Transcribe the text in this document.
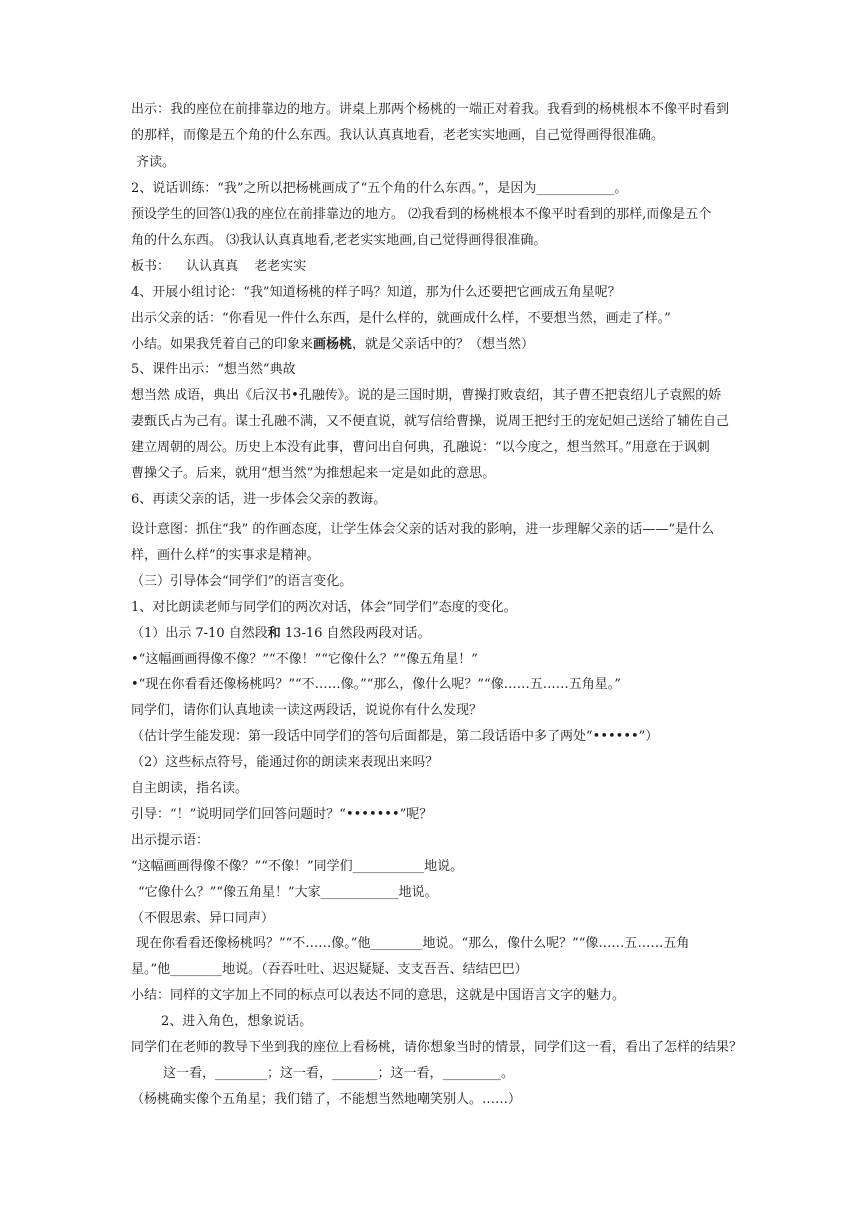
出示：我的座位在前排靠边的地方。讲桌上那两个杨桃的一端正对着我。我看到的杨桃根本不像平时看到
的那样，而像是五个角的什么东西。我认认真真地看，老老实实地画，自己觉得画得很准确。
齐读。
2、说话训练：“我”之所以把杨桃画成了“五个角的什么东西。”，是因为____________。
预设学生的回答⑴我的座位在前排靠边的地方。 ⑵我看到的杨桃根本不像平时看到的那样,而像是五个
角的什么东西。 ⑶我认认真真地看,老老实实地画,自己觉得画得很准确。
板书： 认认真真 老老实实
4、开展小组讨论：“我”知道杨桃的样子吗？知道，那为什么还要把它画成五角星呢？
出示父亲的话：“你看见一件什么东西，是什么样的，就画成什么样，不要想当然，画走了样。”
小结。如果我凭着自己的印象来画杨桃，就是父亲话中的？（想当然）
5、课件出示：“想当然”典故
想当然 成语，典出《后汉书•孔融传》。说的是三国时期，曹操打败袁绍，其子曹丕把袁绍儿子袁熙的娇
妻甄氏占为己有。谋士孔融不满，又不便直说，就写信给曹操，说周王把纣王的宠妃妲己送给了辅佐自己
建立周朝的周公。历史上本没有此事，曹问出自何典，孔融说：“以今度之，想当然耳。”用意在于讽刺
曹操父子。后来，就用“想当然”为推想起来一定是如此的意思。
6、再读父亲的话，进一步体会父亲的教诲。
设计意图：抓住“我” 的作画态度，让学生体会父亲的话对我的影响，进一步理解父亲的话——“是什么
样，画什么样”的实事求是精神。
（三）引导体会“同学们”的语言变化。
1、对比朗读老师与同学们的两次对话，体会“同学们”态度的变化。
（1）出示 7-10 自然段和 13-16 自然段两段对话。
•“这幅画画得像不像？”“不像！”“它像什么？”“像五角星！”
•“现在你看看还像杨桃吗？”“不……像。”“那么，像什么呢？”“像……五……五角星。”
同学们，请你们认真地读一读这两段话，说说你有什么发现？
（估计学生能发现：第一段话中同学们的答句后面都是，第二段话语中多了两处“••••••”）
（2）这些标点符号，能通过你的朗读来表现出来吗？
自主朗读，指名读。
引导：“！”说明同学们回答问题时？“•••••••”呢？
出示提示语：
“这幅画画得像不像？”“不像！”同学们___________地说。
“它像什么？”“像五角星！”大家____________地说。
（不假思索、异口同声）
现在你看看还像杨桃吗？”“不……像。”他________地说。“那么，像什么呢？”“像……五……五角
星。”他________地说。（吞吞吐吐、迟迟疑疑、支支吾吾、结结巴巴）
小结：同样的文字加上不同的标点可以表达不同的意思，这就是中国语言文字的魅力。
2、进入角色，想象说话。
同学们在老师的教导下坐到我的座位上看杨桃，请你想象当时的情景，同学们这一看，看出了怎样的结果？
这一看，________；这一看，_______；这一看，_________。
（杨桃确实像个五角星；我们错了，不能想当然地嘲笑别人。……）
